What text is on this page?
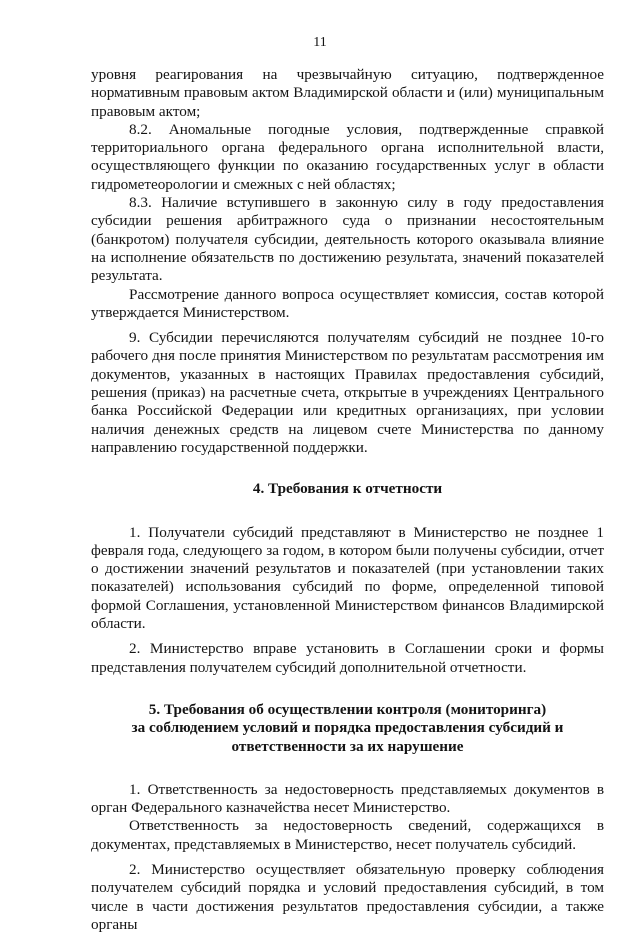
11

уровня реагирования на чрезвычайную ситуацию, подтвержденное нормативным правовым актом Владимирской области и (или) муниципальным правовым актом;

8.2. Аномальные погодные условия, подтвержденные справкой территориального органа федерального органа исполнительной власти, осуществляющего функции по оказанию государственных услуг в области гидрометеорологии и смежных с ней областях;

8.3. Наличие вступившего в законную силу в году предоставления субсидии решения арбитражного суда о признании несостоятельным (банкротом) получателя субсидии, деятельность которого оказывала влияние на исполнение обязательств по достижению результата, значений показателей результата.

Рассмотрение данного вопроса осуществляет комиссия, состав которой утверждается Министерством.

9. Субсидии перечисляются получателям субсидий не позднее 10-го рабочего дня после принятия Министерством по результатам рассмотрения им документов, указанных в настоящих Правилах предоставления субсидий, решения (приказ) на расчетные счета, открытые в учреждениях Центрального банка Российской Федерации или кредитных организациях, при условии наличия денежных средств на лицевом счете Министерства по данному направлению государственной поддержки.

4. Требования к отчетности

1. Получатели субсидий представляют в Министерство не позднее 1 февраля года, следующего за годом, в котором были получены субсидии, отчет о достижении значений результатов и показателей (при установлении таких показателей) использования субсидий по форме, определенной типовой формой Соглашения, установленной Министерством финансов Владимирской области.

2. Министерство вправе установить в Соглашении сроки и формы представления получателем субсидий дополнительной отчетности.

5. Требования об осуществлении контроля (мониторинга)

за соблюдением условий и порядка предоставления субсидий и

ответственности за их нарушение

1. Ответственность за недостоверность представляемых документов в орган Федерального казначейства несет Министерство.

Ответственность за недостоверность сведений, содержащихся в документах, представляемых в Министерство, несет получатель субсидий.

2. Министерство осуществляет обязательную проверку соблюдения получателем субсидий порядка и условий предоставления субсидий, в том числе в части достижения результатов предоставления субсидии, а также органы
